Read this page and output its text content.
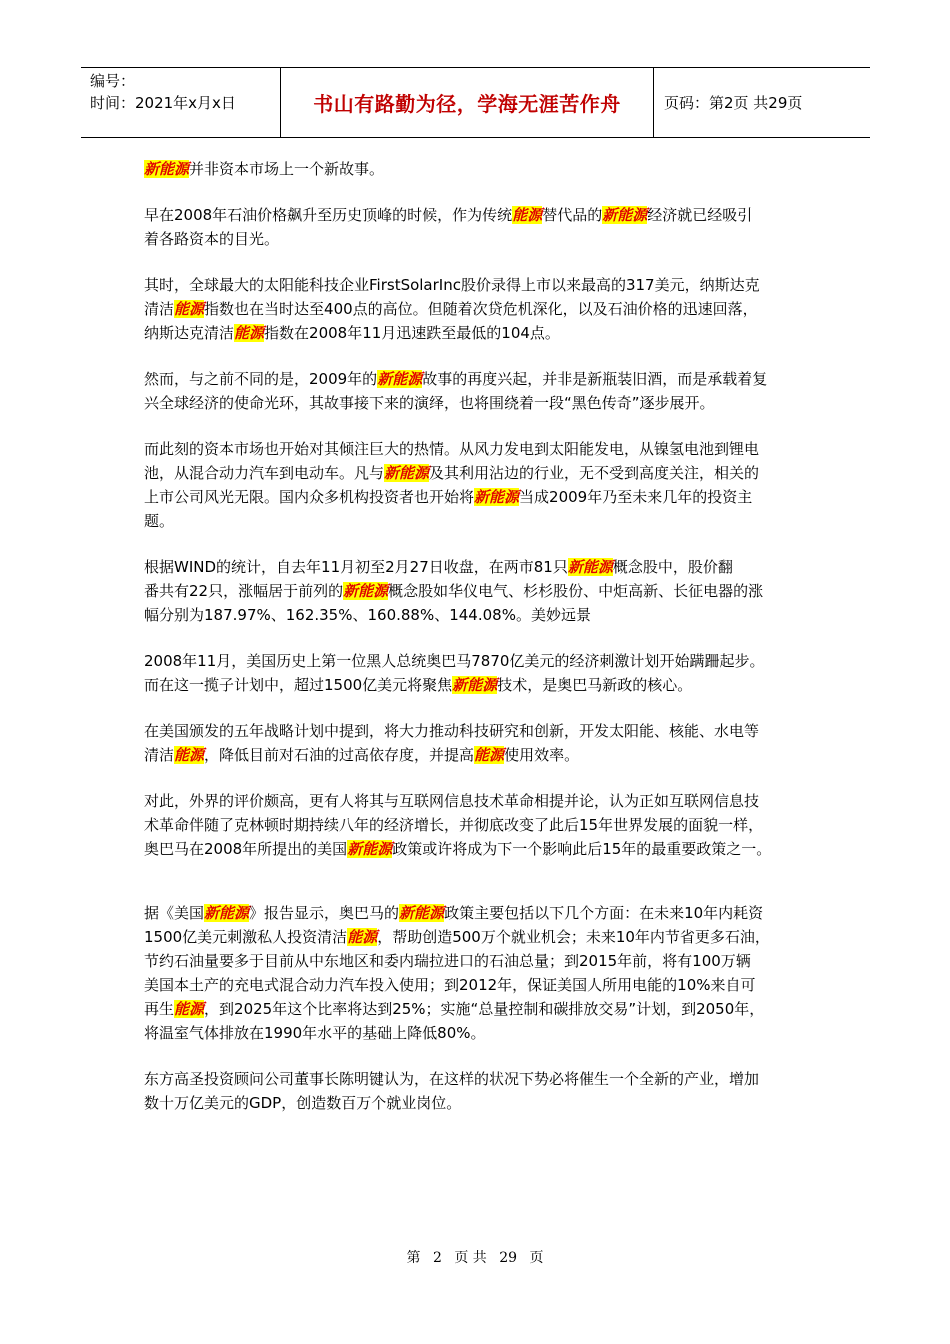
编号：
时间：2021年x月x日	书山有路勤为径，学海无涯苦作舟	页码：第2页 共29页

新能源并非资本市场上一个新故事。

早在2008年石油价格飙升至历史顶峰的时候，作为传统能源替代品的新能源经济就已经吸引
着各路资本的目光。

其时，全球最大的太阳能科技企业FirstSolarInc股价录得上市以来最高的317美元，纳斯达克
清洁能源指数也在当时达至400点的高位。但随着次贷危机深化，以及石油价格的迅速回落，
纳斯达克清洁能源指数在2008年11月迅速跌至最低的104点。

然而，与之前不同的是，2009年的新能源故事的再度兴起，并非是新瓶装旧酒，而是承载着复
兴全球经济的使命光环，其故事接下来的演绎，也将围绕着一段“黑色传奇”逐步展开。

而此刻的资本市场也开始对其倾注巨大的热情。从风力发电到太阳能发电，从镍氢电池到锂电
池，从混合动力汽车到电动车。凡与新能源及其利用沾边的行业，无不受到高度关注，相关的
上市公司风光无限。国内众多机构投资者也开始将新能源当成2009年乃至未来几年的投资主
题。

根据WIND的统计，自去年11月初至2月27日收盘，在两市81只新能源概念股中，股价翻
番共有22只，涨幅居于前列的新能源概念股如华仪电气、杉杉股份、中炬高新、长征电器的涨
幅分别为187.97%、162.35%、160.88%、144.08%。美妙远景

2008年11月，美国历史上第一位黑人总统奥巴马7870亿美元的经济刺激计划开始蹒跚起步。
而在这一揽子计划中，超过1500亿美元将聚焦新能源技术，是奥巴马新政的核心。

在美国颁发的五年战略计划中提到，将大力推动科技研究和创新，开发太阳能、核能、水电等
清洁能源，降低目前对石油的过高依存度，并提高能源使用效率。

对此，外界的评价颇高，更有人将其与互联网信息技术革命相提并论，认为正如互联网信息技
术革命伴随了克林顿时期持续八年的经济增长，并彻底改变了此后15年世界发展的面貌一样，
奥巴马在2008年所提出的美国新能源政策或许将成为下一个影响此后15年的最重要政策之一。

据《美国新能源》报告显示，奥巴马的新能源政策主要包括以下几个方面：在未来10年内耗资
1500亿美元刺激私人投资清洁能源，帮助创造500万个就业机会；未来10年内节省更多石油，
节约石油量要多于目前从中东地区和委内瑞拉进口的石油总量；到2015年前，将有100万辆
美国本土产的充电式混合动力汽车投入使用；到2012年，保证美国人所用电能的10%来自可
再生能源，到2025年这个比率将达到25%；实施“总量控制和碳排放交易”计划，到2050年，
将温室气体排放在1990年水平的基础上降低80%。

东方高圣投资顾问公司董事长陈明键认为，在这样的状况下势必将催生一个全新的产业，增加
数十万亿美元的GDP，创造数百万个就业岗位。

第 2 页 共 29 页
